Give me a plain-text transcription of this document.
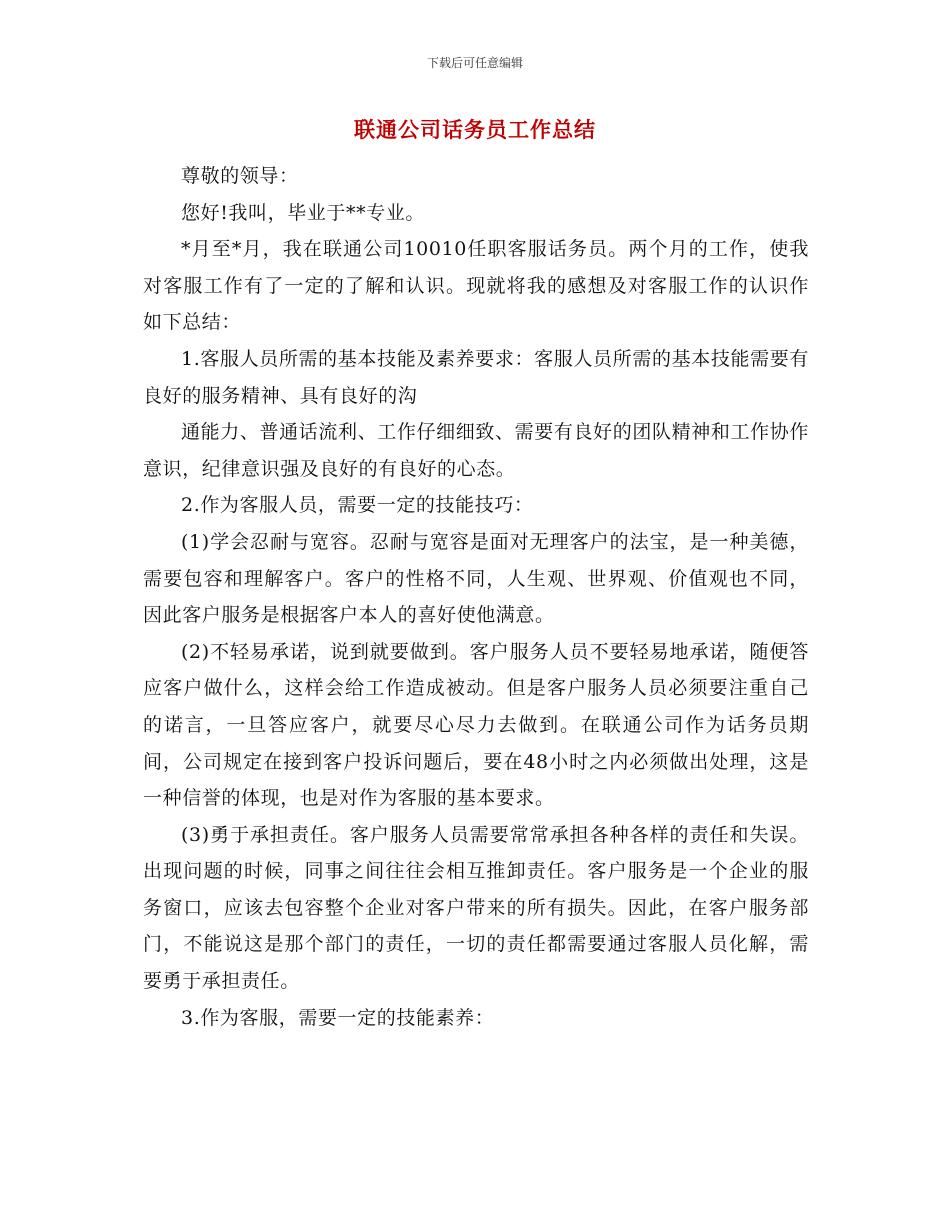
下载后可任意编辑
联通公司话务员工作总结

尊敬的领导：

您好!我叫，毕业于**专业。

*月至*月，我在联通公司10010任职客服话务员。两个月的工作，使我对客服工作有了一定的了解和认识。现就将我的感想及对客服工作的认识作如下总结：

1.客服人员所需的基本技能及素养要求：客服人员所需的基本技能需要有良好的服务精神、具有良好的沟

通能力、普通话流利、工作仔细细致、需要有良好的团队精神和工作协作意识，纪律意识强及良好的有良好的心态。

2.作为客服人员，需要一定的技能技巧：

(1)学会忍耐与宽容。忍耐与宽容是面对无理客户的法宝，是一种美德，需要包容和理解客户。客户的性格不同，人生观、世界观、价值观也不同，因此客户服务是根据客户本人的喜好使他满意。

(2)不轻易承诺，说到就要做到。客户服务人员不要轻易地承诺，随便答应客户做什么，这样会给工作造成被动。但是客户服务人员必须要注重自己的诺言，一旦答应客户，就要尽心尽力去做到。在联通公司作为话务员期间，公司规定在接到客户投诉问题后，要在48小时之内必须做出处理，这是一种信誉的体现，也是对作为客服的基本要求。

(3)勇于承担责任。客户服务人员需要常常承担各种各样的责任和失误。出现问题的时候，同事之间往往会相互推卸责任。客户服务是一个企业的服务窗口，应该去包容整个企业对客户带来的所有损失。因此，在客户服务部门，不能说这是那个部门的责任，一切的责任都需要通过客服人员化解，需要勇于承担责任。

3.作为客服，需要一定的技能素养：
